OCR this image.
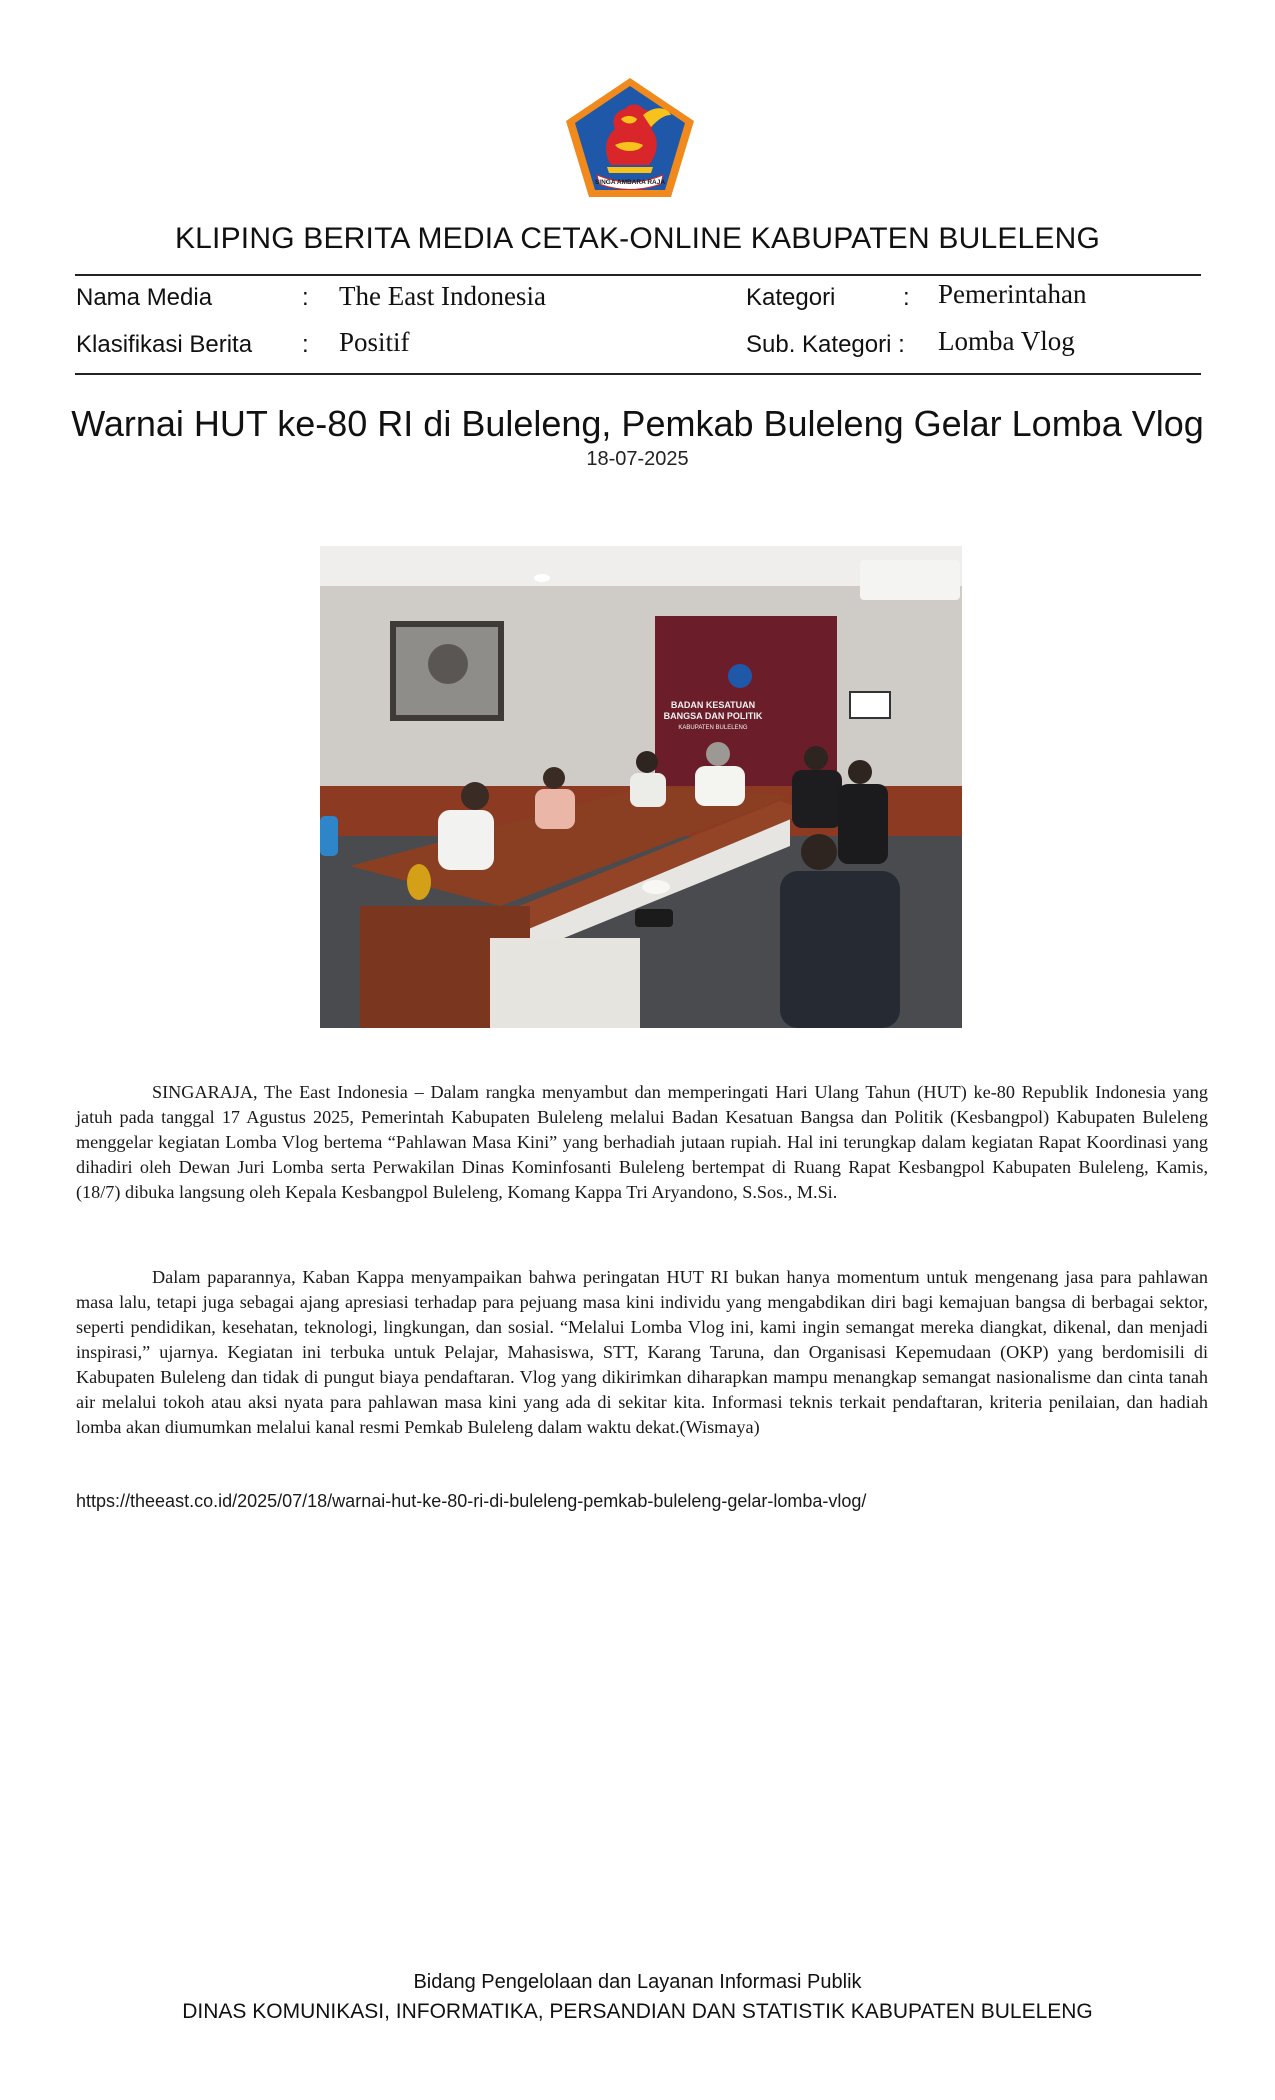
SINGA AMBARA RAJA
KLIPING BERITA MEDIA CETAK-ONLINE KABUPATEN BULELENG
Nama Media	: The East Indonesia	Kategori	: Pemerintahan
Klasifikasi Berita : Positif	Sub. Kategori : Lomba Vlog
Warnai HUT ke-80 RI di Buleleng, Pemkab Buleleng Gelar Lomba Vlog
18-07-2025
BADAN KESATUAN
BANGSA DAN POLITIK
KABUPATEN BULELENG

SINGARAJA, The East Indonesia – Dalam rangka menyambut dan memperingati Hari Ulang Tahun (HUT) ke-80 Republik Indonesia yang jatuh pada tanggal 17 Agustus 2025, Pemerintah Kabupaten Buleleng melalui Badan Kesatuan Bangsa dan Politik (Kesbangpol) Kabupaten Buleleng menggelar kegiatan Lomba Vlog bertema “Pahlawan Masa Kini” yang berhadiah jutaan rupiah. Hal ini terungkap dalam kegiatan Rapat Koordinasi yang dihadiri oleh Dewan Juri Lomba serta Perwakilan Dinas Kominfosanti Buleleng bertempat di Ruang Rapat Kesbangpol Kabupaten Buleleng, Kamis, (18/7) dibuka langsung oleh Kepala Kesbangpol Buleleng, Komang Kappa Tri Aryandono, S.Sos., M.Si.

Dalam paparannya, Kaban Kappa menyampaikan bahwa peringatan HUT RI bukan hanya momentum untuk mengenang jasa para pahlawan masa lalu, tetapi juga sebagai ajang apresiasi terhadap para pejuang masa kini individu yang mengabdikan diri bagi kemajuan bangsa di berbagai sektor, seperti pendidikan, kesehatan, teknologi, lingkungan, dan sosial. “Melalui Lomba Vlog ini, kami ingin semangat mereka diangkat, dikenal, dan menjadi inspirasi,” ujarnya. Kegiatan ini terbuka untuk Pelajar, Mahasiswa, STT, Karang Taruna, dan Organisasi Kepemudaan (OKP) yang berdomisili di Kabupaten Buleleng dan tidak di pungut biaya pendaftaran. Vlog yang dikirimkan diharapkan mampu menangkap semangat nasionalisme dan cinta tanah air melalui tokoh atau aksi nyata para pahlawan masa kini yang ada di sekitar kita. Informasi teknis terkait pendaftaran, kriteria penilaian, dan hadiah lomba akan diumumkan melalui kanal resmi Pemkab Buleleng dalam waktu dekat.(Wismaya)

https://theeast.co.id/2025/07/18/warnai-hut-ke-80-ri-di-buleleng-pemkab-buleleng-gelar-lomba-vlog/
Bidang Pengelolaan dan Layanan Informasi Publik
DINAS KOMUNIKASI, INFORMATIKA, PERSANDIAN DAN STATISTIK KABUPATEN BULELENG
